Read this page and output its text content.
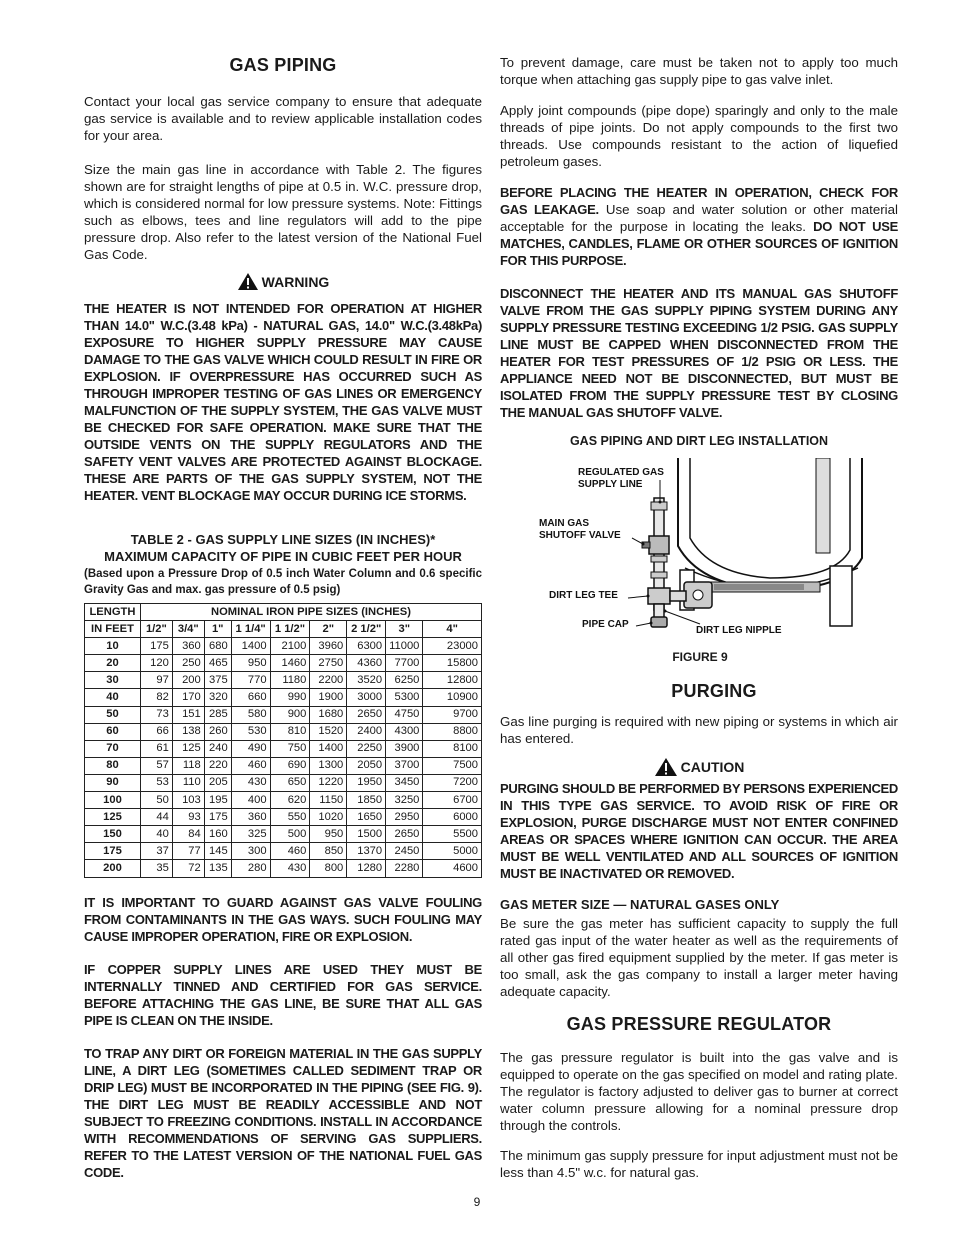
GAS PIPING
Contact your local gas service company to ensure that adequate gas service is available and to review applicable installation codes for your area.
Size the main gas line in accordance with Table 2. The figures shown are for straight lengths of pipe at 0.5 in. W.C. pressure drop, which is considered normal for low pressure systems. Note: Fittings such as elbows, tees and line regulators will add to the pipe pressure drop. Also refer to the latest version of the National Fuel Gas Code.
WARNING
THE HEATER IS NOT INTENDED FOR OPERATION AT HIGHER THAN 14.0" W.C.(3.48 kPa) - NATURAL GAS, 14.0" W.C.(3.48kPa) EXPOSURE TO HIGHER SUPPLY PRESSURE MAY CAUSE DAMAGE TO THE GAS VALVE WHICH COULD RESULT IN FIRE OR EXPLOSION. IF OVERPRESSURE HAS OCCURRED SUCH AS THROUGH IMPROPER TESTING OF GAS LINES OR EMERGENCY MALFUNCTION OF THE SUPPLY SYSTEM, THE GAS VALVE MUST BE CHECKED FOR SAFE OPERATION. MAKE SURE THAT THE OUTSIDE VENTS ON THE SUPPLY REGULATORS AND THE SAFETY VENT VALVES ARE PROTECTED AGAINST BLOCKAGE. THESE ARE PARTS OF THE GAS SUPPLY SYSTEM, NOT THE HEATER. VENT BLOCKAGE MAY OCCUR DURING ICE STORMS.
TABLE 2 - GAS SUPPLY LINE SIZES (IN INCHES)*
MAXIMUM CAPACITY OF PIPE IN CUBIC FEET PER HOUR
(Based upon a Pressure Drop of 0.5 inch Water Column and 0.6 specific Gravity Gas and max. gas pressure of 0.5 psig)
LENGTH	NOMINAL IRON PIPE SIZES (INCHES)								
IN FEET	1/2"	3/4"	1"	1 1/4"	1 1/2"	2"	2 1/2"	3"	4"
10	175	360	680	1400	2100	3960	6300	11000	23000
20	120	250	465	950	1460	2750	4360	7700	15800
30	97	200	375	770	1180	2200	3520	6250	12800
40	82	170	320	660	990	1900	3000	5300	10900
50	73	151	285	580	900	1680	2650	4750	9700
60	66	138	260	530	810	1520	2400	4300	8800
70	61	125	240	490	750	1400	2250	3900	8100
80	57	118	220	460	690	1300	2050	3700	7500
90	53	110	205	430	650	1220	1950	3450	7200
100	50	103	195	400	620	1150	1850	3250	6700
125	44	93	175	360	550	1020	1650	2950	6000
150	40	84	160	325	500	950	1500	2650	5500
175	37	77	145	300	460	850	1370	2450	5000
200	35	72	135	280	430	800	1280	2280	4600
IT IS IMPORTANT TO GUARD AGAINST GAS VALVE FOULING FROM CONTAMINANTS IN THE GAS WAYS. SUCH FOULING MAY CAUSE IMPROPER OPERATION, FIRE OR EXPLOSION.
IF COPPER SUPPLY LINES ARE USED THEY MUST BE INTERNALLY TINNED AND CERTIFIED FOR GAS SERVICE. BEFORE ATTACHING THE GAS LINE, BE SURE THAT ALL GAS PIPE IS CLEAN ON THE INSIDE.
TO TRAP ANY DIRT OR FOREIGN MATERIAL IN THE GAS SUPPLY LINE, A DIRT LEG (SOMETIMES CALLED SEDIMENT TRAP OR DRIP LEG) MUST BE INCORPORATED IN THE PIPING (SEE FIG. 9). THE DIRT LEG MUST BE READILY ACCESSIBLE AND NOT SUBJECT TO FREEZING CONDITIONS. INSTALL IN ACCORDANCE WITH RECOMMENDATIONS OF SERVING GAS SUPPLIERS. REFER TO THE LATEST VERSION OF THE NATIONAL FUEL GAS CODE.
To prevent damage, care must be taken not to apply too much torque when attaching gas supply pipe to gas valve inlet.
Apply joint compounds (pipe dope) sparingly and only to the male threads of pipe joints. Do not apply compounds to the first two threads. Use compounds resistant to the action of liquefied petroleum gases.
BEFORE PLACING THE HEATER IN OPERATION, CHECK FOR GAS LEAKAGE. Use soap and water solution or other material acceptable for the purpose in locating the leaks. DO NOT USE MATCHES, CANDLES, FLAME OR OTHER SOURCES OF IGNITION FOR THIS PURPOSE.
DISCONNECT THE HEATER AND ITS MANUAL GAS SHUTOFF VALVE FROM THE GAS SUPPLY PIPING SYSTEM DURING ANY SUPPLY PRESSURE TESTING EXCEEDING 1/2 PSIG. GAS SUPPLY LINE MUST BE CAPPED WHEN DISCONNECTED FROM THE HEATER FOR TEST PRESSURES OF 1/2 PSIG OR LESS. THE APPLIANCE NEED NOT BE DISCONNECTED, BUT MUST BE ISOLATED FROM THE SUPPLY PRESSURE TEST BY CLOSING THE MANUAL GAS SHUTOFF VALVE.
GAS PIPING AND DIRT LEG INSTALLATION
REGULATED GAS
SUPPLY LINE
MAIN GAS
SHUTOFF VALVE
DIRT LEG TEE
PIPE CAP
DIRT LEG NIPPLE
FIGURE 9
PURGING
Gas line purging is required with new piping or systems in which air has entered.
CAUTION
PURGING SHOULD BE PERFORMED BY PERSONS EXPERIENCED IN THIS TYPE GAS SERVICE. TO AVOID RISK OF FIRE OR EXPLOSION, PURGE DISCHARGE MUST NOT ENTER CONFINED AREAS OR SPACES WHERE IGNITION CAN OCCUR. THE AREA MUST BE WELL VENTILATED AND ALL SOURCES OF IGNITION MUST BE INACTIVATED OR REMOVED.
GAS METER SIZE — NATURAL GASES ONLY
Be sure the gas meter has sufficient capacity to supply the full rated gas input of the water heater as well as the requirements of all other gas fired equipment supplied by the meter. If gas meter is too small, ask the gas company to install a larger meter having adequate capacity.
GAS PRESSURE REGULATOR
The gas pressure regulator is built into the gas valve and is equipped to operate on the gas specified on model and rating plate. The regulator is factory adjusted to deliver gas to burner at correct water column pressure allowing for a nominal pressure drop through the controls.
The minimum gas supply pressure for input adjustment must not be less than 4.5" w.c. for natural gas.
9
